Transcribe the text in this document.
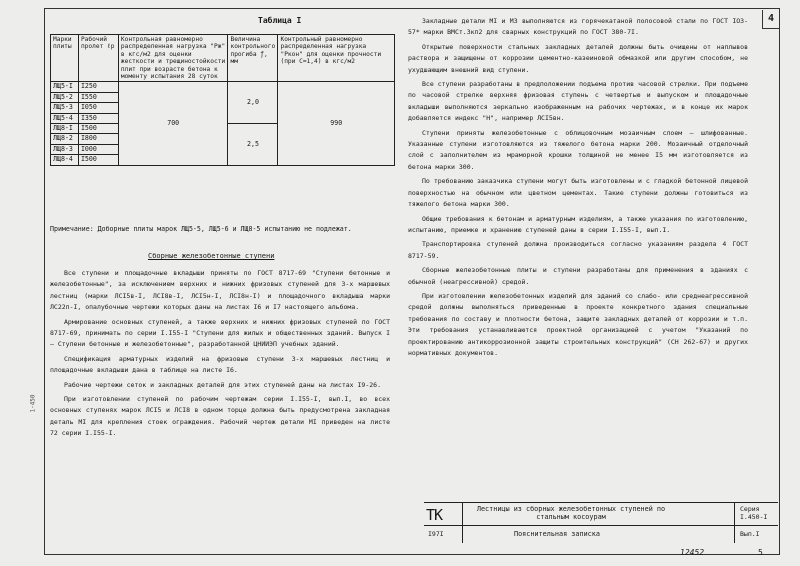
4
1-450
Таблица I
Марки плиты	Рабочий пролет ℓр	Контрольная равномерно распределенная нагрузка "Рж" в кгс/м2 для оценки жесткости и трещиностойкости плит при возрасте бетона к моменту испытания 28 суток	Величина контрольного прогиба ƒ, мм	Контрольный равномерно распределенная нагрузка "Ркон" для оценки прочности (при C=1,4) в кгс/м2
ЛЩ5-I	I250	700	2,0	990
ЛЩ5-2	I550			
ЛЩ5-3	I050			
ЛЩ5-4	I350			
ЛЩ8-I	I500		2,5	
ЛЩ8-2	I800			
ЛЩ8-3	I000			
ЛЩ8-4	I500			
Примечание: Доборные плиты марок ЛЩ5-5, ЛЩ5-6 и ЛЩ8-5 испытанию не подлежат.
Сборные железобетонные ступени

Все ступени и площадочные вкладыши приняты по ГОСТ 8717-69 "Ступени бетонные и железобетонные", за исключением верхних и нижних фризовых ступеней для 3-х маршевых лестниц (марки ЛСI5в-I, ЛСI8в-I, ЛСI5н-I, ЛСI8н-I) и площадочного вкладыша марки ЛС22п-I, опалубочные чертежи которых даны на листах I6 и I7 настоящего альбома.

Армирование основных ступеней, а также верхних и нижних фризовых ступеней по ГОСТ 8717-69, принимать по серии I.I55-I "Ступени для жилых и общественных зданий. Выпуск I – Ступени бетонные и железобетонные", разработанной ЦНИИЭП учебных зданий.

Спецификация арматурных изделий на фризовые ступени 3-х маршевых лестниц и площадочные вкладыши дана в таблице на листе I6.

Рабочие чертежи сеток и закладных деталей для этих ступеней даны на листах I9-26.

При изготовлении ступеней по рабочим чертежам серии I.I55-I, вып.I, во всех основных ступенях марок ЛСI5 и ЛСI8 в одном торце должна быть предусмотрена закладная деталь МI для крепления стоек ограждения. Рабочий чертеж детали МI приведен на листе 72 серии I.I55-I.

Закладные детали МI и М3 выполняются из горячекатаной полосовой стали по ГОСТ IO3-57* марки ВМСт.3кп2 для сварных конструкций по ГОСТ 380-7I.

Открытые поверхности стальных закладных деталей должны быть очищены от наплывов раствора и защищены от коррозии цементно-казеиновой обмазкой или другим способом, не ухудшающим внешний вид ступени.

Все ступени разработаны в предположении подъема против часовой стрелки. При подъеме по часовой стрелке верхняя фризовая ступень с четвертью и выпуском и площадочные вкладыши выполняются зеркально изображенным на рабочих чертежах, и в конце их марок добавляется индекс "Н", например ЛСI5вн.

Ступени приняты железобетонные с облицовочным мозаичным слоем – шлифованные. Указанные ступени изготовляются из тяжелого бетона марки 200. Мозаичный отделочный слой с заполнителем из мраморной крошки толщиной не менее I5 мм изготовляется из бетона марки 300.

По требованию заказчика ступени могут быть изготовлены и с гладкой бетонной лицевой поверхностью на обычном или цветном цементах. Такие ступени должны готовиться из тяжелого бетона марки 300.

Общие требования к бетонам и арматурным изделиям, а также указания по изготовлению, испытанию, приемке и хранению ступеней даны в серии I.I55-I, вып.I.

Транспортировка ступеней должна производиться согласно указаниям раздела 4 ГОСТ 8717-59.

Сборные железобетонные плиты и ступени разработаны для применения в зданиях с обычной (неагрессивной) средой.

При изготовлении железобетонных изделий для зданий со слабо- или среднеагрессивной средой должны выполняться приведенные в проекте конкретного здания специальные требования по составу и плотности бетона, защите закладных деталей от коррозии и т.п. Эти требования устанавливаются проектной организацией с учетом "Указаний по проектированию антикоррозионной защиты строительных конструкций" (СН 262-67) и других нормативных документов.

ТК	Лестницы из сборных железобетонных ступеней по стальным косоурам
Серия
I.450-I
I97I	Пояснительная записка	Вып.I
12452	5
